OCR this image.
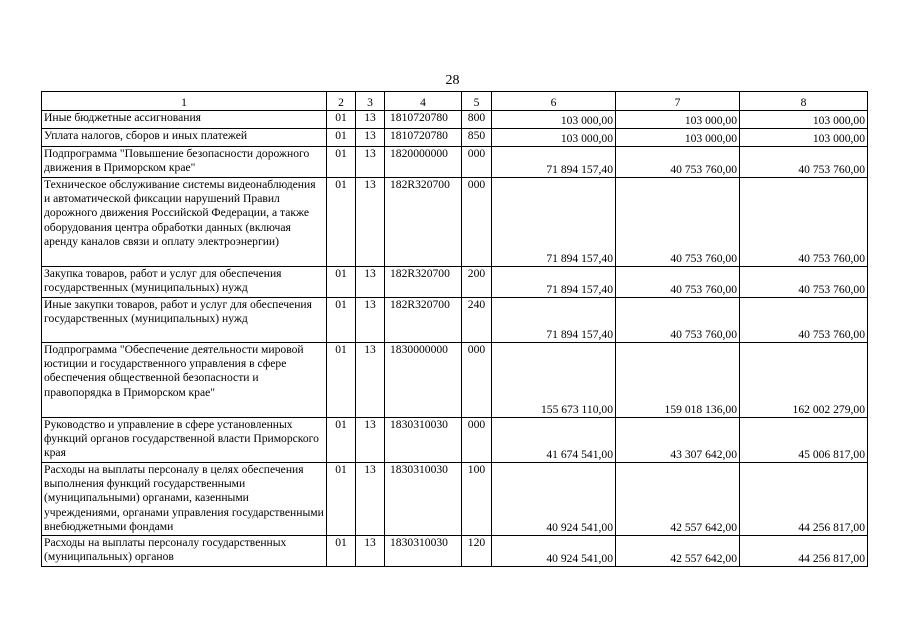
28
1	2	3	4	5	6	7	8
Иные бюджетные ассигнования	01	13	1810720780	800	103 000,00	103 000,00	103 000,00
Уплата налогов, сборов и иных платежей	01	13	1810720780	850	103 000,00	103 000,00	103 000,00
Подпрограмма "Повышение безопасности дорожного движения в Приморском крае"	01	13	1820000000	000	71 894 157,40	40 753 760,00	40 753 760,00
Техническое обслуживание системы видеонаблюдения и автоматической фиксации нарушений Правил дорожного движения Российской Федерации, а также оборудования центра обработки данных (включая аренду каналов связи и оплату электроэнергии)	01	13	182R320700	000	71 894 157,40	40 753 760,00	40 753 760,00
Закупка товаров, работ и услуг для обеспечения государственных (муниципальных) нужд	01	13	182R320700	200	71 894 157,40	40 753 760,00	40 753 760,00
Иные закупки товаров, работ и услуг для обеспечения государственных (муниципальных) нужд	01	13	182R320700	240	71 894 157,40	40 753 760,00	40 753 760,00
Подпрограмма "Обеспечение деятельности мировой юстиции и государственного управления в сфере обеспечения общественной безопасности и правопорядка в Приморском крае"	01	13	1830000000	000	155 673 110,00	159 018 136,00	162 002 279,00
Руководство и управление в сфере установленных функций органов государственной власти Приморского края	01	13	1830310030	000	41 674 541,00	43 307 642,00	45 006 817,00
Расходы на выплаты персоналу в целях обеспечения выполнения функций государственными (муниципальными) органами, казенными учреждениями, органами управления государственными внебюджетными фондами	01	13	1830310030	100	40 924 541,00	42 557 642,00	44 256 817,00
Расходы на выплаты персоналу государственных (муниципальных) органов	01	13	1830310030	120	40 924 541,00	42 557 642,00	44 256 817,00
